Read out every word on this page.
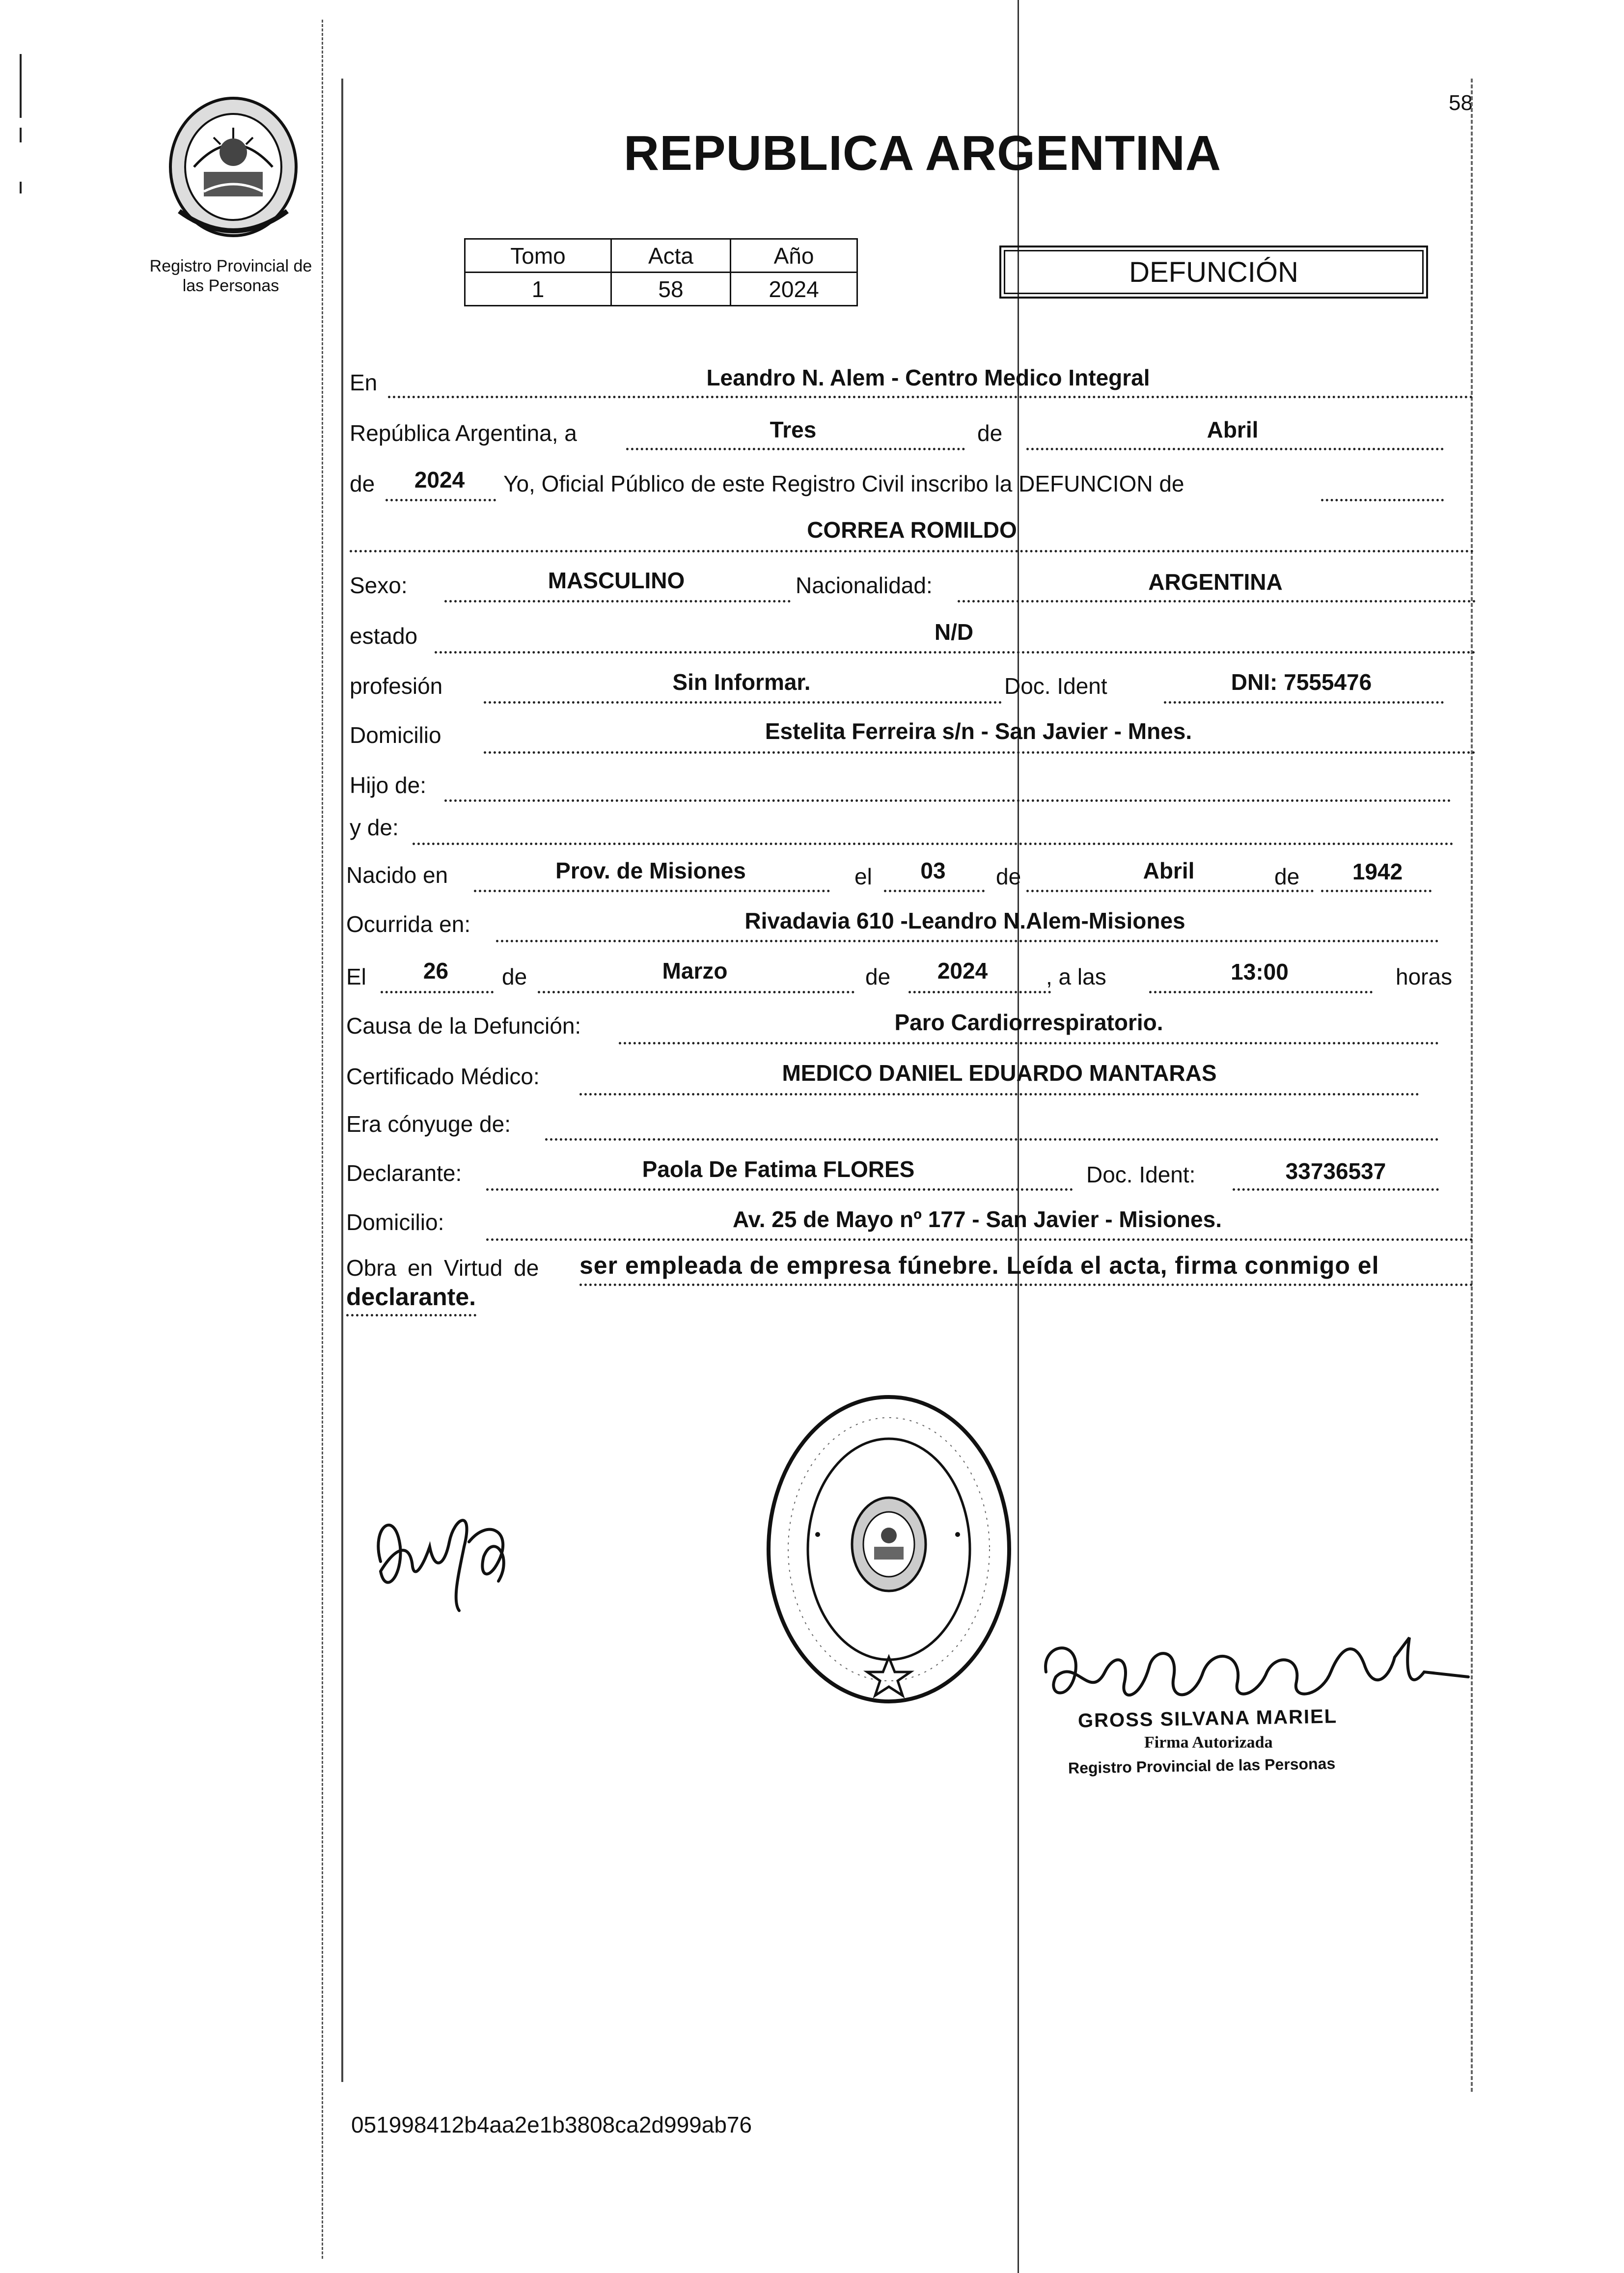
58
Registro Provincial de
las Personas
REPUBLICA ARGENTINA
Tomo	Acta	Año
1	58	2024
DEFUNCIÓN
En	Leandro N. Alem - Centro Medico Integral
República Argentina, a	Tres	de	Abril
de	2024	Yo, Oficial Público de este Registro Civil inscribo la DEFUNCION de
CORREA ROMILDO
Sexo:	MASCULINO	Nacionalidad:	ARGENTINA
estado	N/D
profesión	Sin Informar.	Doc. Ident	DNI: 7555476
Domicilio	Estelita Ferreira s/n - San Javier - Mnes.
Hijo de:
y de:
Nacido en	Prov. de Misiones	el	03	de	Abril	de	1942
Ocurrida en:	Rivadavia 610 -Leandro N.Alem-Misiones
El	26	de	Marzo	de	2024	, a las	13:00	horas
Causa de la Defunción:	Paro Cardiorrespiratorio.
Certificado Médico:	MEDICO DANIEL EDUARDO MANTARAS
Era cónyuge de:
Declarante:	Paola De Fatima FLORES	Doc. Ident:	33736537
Domicilio:	Av. 25 de Mayo nº 177 - San Javier - Misiones.
Obra en Virtud de ser empleada de empresa fúnebre. Leída el acta, firma conmigo el
declarante.
GROSS SILVANA MARIEL
Firma Autorizada
Registro Provincial de las Personas
051998412b4aa2e1b3808ca2d999ab76
